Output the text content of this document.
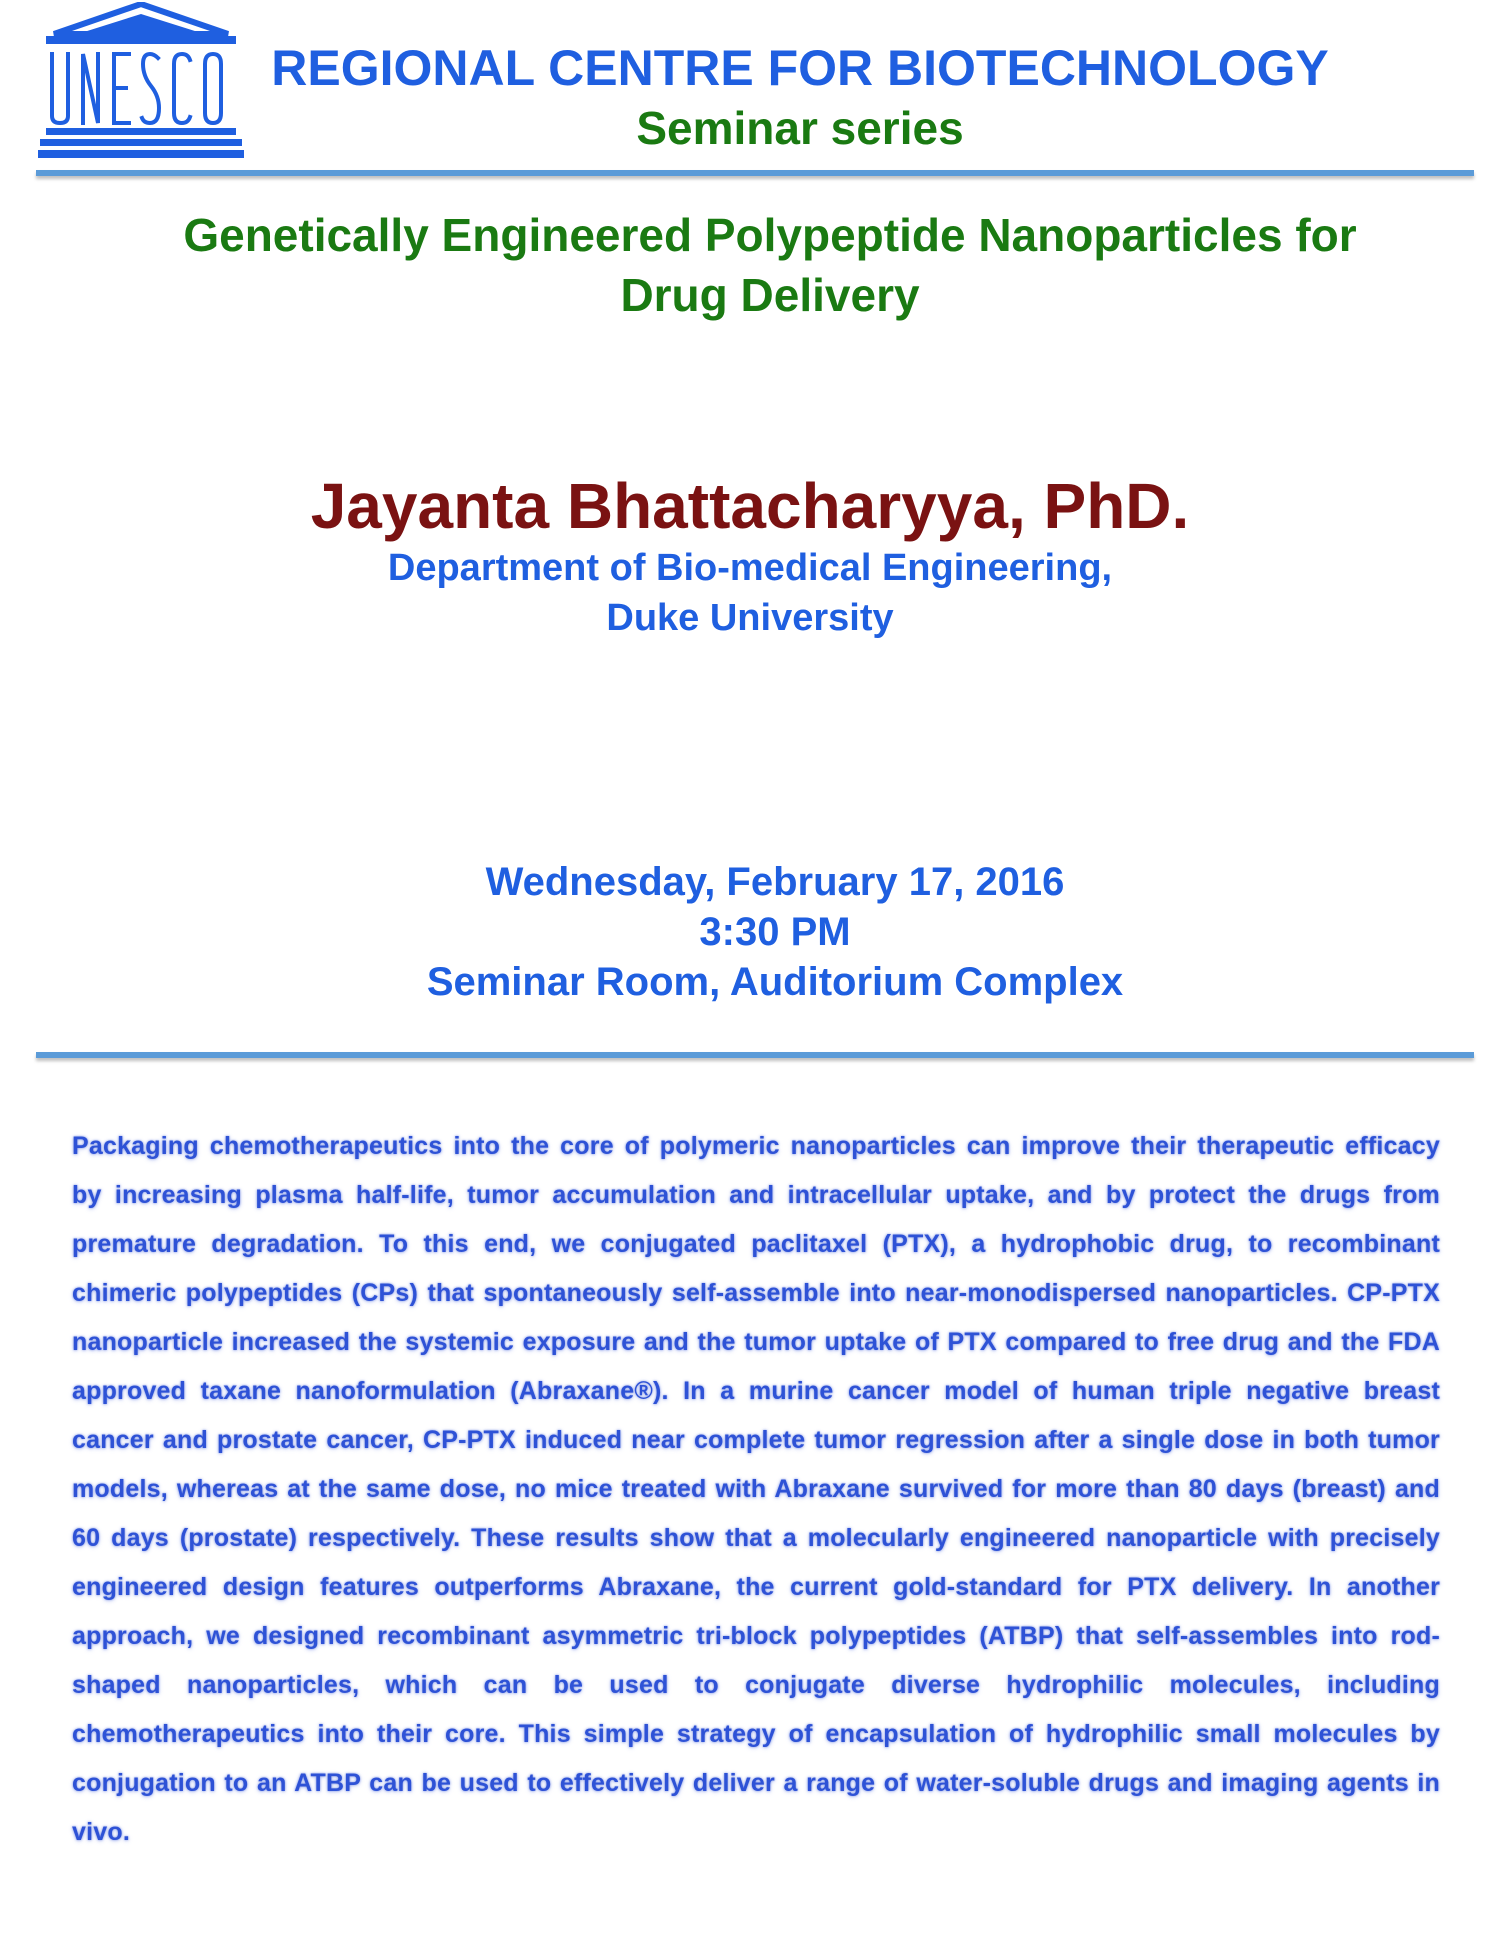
REGIONAL CENTRE FOR BIOTECHNOLOGY
Seminar series
Genetically Engineered Polypeptide Nanoparticles for
Drug Delivery
Jayanta Bhattacharyya, PhD.
Department of Bio-medical Engineering,
Duke University
Wednesday, February 17, 2016
3:30 PM
Seminar Room, Auditorium Complex
Packaging chemotherapeutics into the core of polymeric nanoparticles can improve their therapeutic efficacy by increasing plasma half-life, tumor accumulation and intracellular uptake, and by protect the drugs from premature degradation. To this end, we conjugated paclitaxel (PTX), a hydrophobic drug, to recombinant chimeric polypeptides (CPs) that spontaneously self-assemble into near-monodispersed nanoparticles. CP-PTX nanoparticle increased the systemic exposure and the tumor uptake of PTX compared to free drug and the FDA approved taxane nanoformulation (Abraxane®). In a murine cancer model of human triple negative breast cancer and prostate cancer, CP-PTX induced near complete tumor regression after a single dose in both tumor models, whereas at the same dose, no mice treated with Abraxane survived for more than 80 days (breast) and 60 days (prostate) respectively. These results show that a molecularly engineered nanoparticle with precisely engineered design features outperforms Abraxane, the current gold-standard for PTX delivery. In another approach, we designed recombinant asymmetric tri-block polypeptides (ATBP) that self-assembles into rod-shaped nanoparticles, which can be used to conjugate diverse hydrophilic molecules, including chemotherapeutics into their core. This simple strategy of encapsulation of hydrophilic small molecules by conjugation to an ATBP can be used to effectively deliver a range of water-soluble drugs and imaging agents in vivo.
